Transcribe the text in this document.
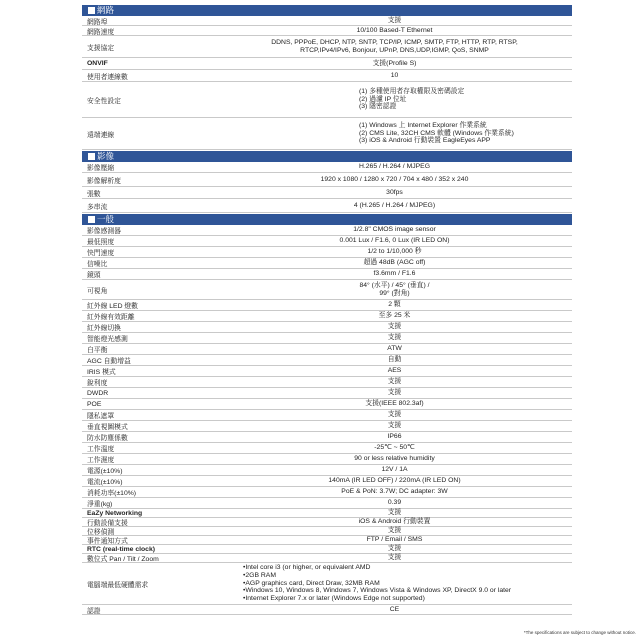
網路
網路埠	支援
網路速度	10/100 Based-T Ethernet
支援協定
DDNS, PPPoE, DHCP, NTP, SNTP, TCP/IP, ICMP, SMTP, FTP, HTTP, RTP, RTSP,
RTCP,IPv4/IPv6, Bonjour, UPnP, DNS,UDP,IGMP, QoS, SNMP
ONVIF	支援(Profile S)
使用者連線數	10
安全性設定
(1) 多種使用者存取權限及密碼設定
(2) 過濾 IP 位址
(3) 隱密認證
遠端連線
(1) Windows 上 Internet Explorer 作業系統
(2) CMS Lite, 32CH CMS 軟體 (Windows 作業系統)
(3) iOS & Android 行動裝置 EagleEyes APP
影像
影像壓縮	H.265 / H.264 / MJPEG
影像解析度	1920 x 1080 / 1280 x 720 / 704 x 480 / 352 x 240
張數	30fps
多串流	4 (H.265 / H.264 / MJPEG)
一般
影像感測器	1/2.8" CMOS image sensor
最低照度	0.001 Lux / F1.6, 0 Lux (IR LED ON)
快門速度	1/2 to 1/10,000 秒
信噪比	超過 48dB (AGC off)
鏡頭	f3.6mm / F1.6
可視角
84° (水平) / 45° (垂直) /
99° (對角)
紅外線 LED 燈數	2 顆
紅外線有效距離	至多 25 米
紅外線切換	支援
智能燈光感測	支援
白平衡	ATW
AGC 自動增益	自動
IRIS 模式	AES
銳利度	支援
DWDR	支援
POE	支援(IEEE 802.3af)
隱私遮罩	支援
垂直視圖模式	支援
防水防塵係數	IP66
工作溫度	-25℃ ~ 50℃
工作濕度	90 or less relative humidity
電源(±10%)	12V / 1A
電流(±10%)	140mA (IR LED OFF) / 220mA (IR LED ON)
消耗功率(±10%)	PoE & PoN: 3.7W; DC adapter: 3W
淨重(kg)	0.39
EaZy Networking	支援
行動設備支援	iOS & Android 行動裝置
位移偵測	支援
事件通知方式	FTP / Email / SMS
RTC (real-time clock)	支援
數位式 Pan / Tilt / Zoom	支援
電腦端最低硬體需求
• Intel core i3 (or higher, or equivalent AMD
• 2GB RAM
• AGP graphics card, Direct Draw, 32MB RAM
• Windows 10, Windows 8, Windows 7, Windows Vista & Windows XP, DirectX 9.0 or later
• Internet Explorer 7.x or later (Windows Edge not supported)
認證	CE
*The specifications are subject to change without notice.
